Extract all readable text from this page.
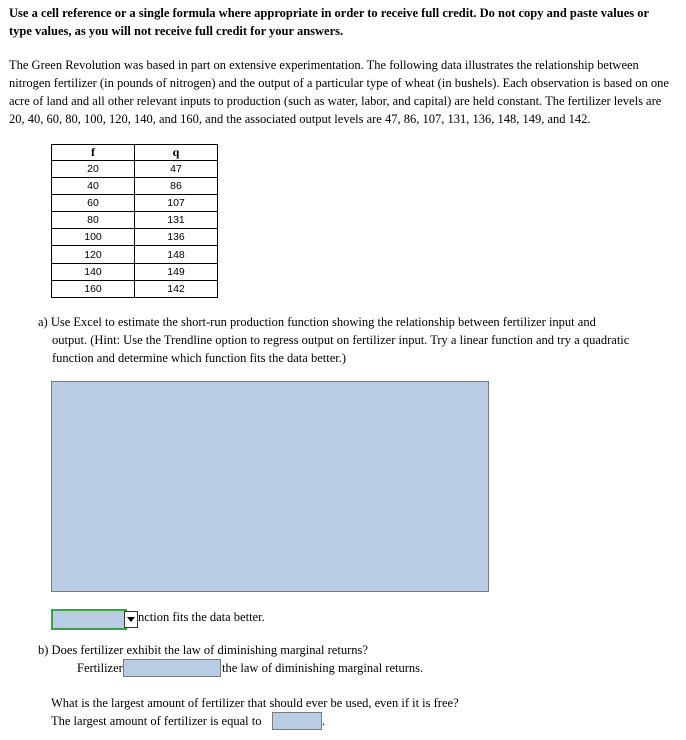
Use a cell reference or a single formula where appropriate in order to receive full credit. Do not copy and paste values or type values, as you will not receive full credit for your answers.
The Green Revolution was based in part on extensive experimentation. The following data illustrates the relationship between nitrogen fertilizer (in pounds of nitrogen) and the output of a particular type of wheat (in bushels). Each observation is based on one acre of land and all other relevant inputs to production (such as water, labor, and capital) are held constant. The fertilizer levels are 20, 40, 60, 80, 100, 120, 140, and 160, and the associated output levels are 47, 86, 107, 131, 136, 148, 149, and 142.
f	q
20	47
40	86
60	107
80	131
100	136
120	148
140	149
160	142
a) Use Excel to estimate the short-run production function showing the relationship between fertilizer input and
output. (Hint: Use the Trendline option to regress output on fertilizer input. Try a linear function and try a quadratic
function and determine which function fits the data better.)
nction fits the data better.
b) Does fertilizer exhibit the law of diminishing marginal returns?
Fertilizer	the law of diminishing marginal returns.
What is the largest amount of fertilizer that should ever be used, even if it is free?
The largest amount of fertilizer is equal to	.
